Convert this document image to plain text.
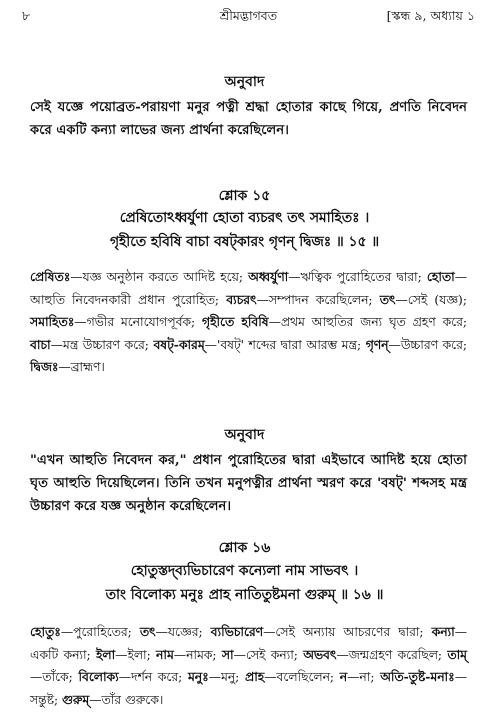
৮	শ্রীমদ্ভাগবত	[স্কন্ধ ৯, অধ্যায় ১
অনুবাদ

সেই যজ্ঞে পয়োব্রত-পরায়ণা মনুর পত্নী শ্রদ্ধা হোতার কাছে গিয়ে, প্রণতি নিবেদন করে একটি কন্যা লাভের জন্য প্রার্থনা করেছিলেন।

শ্লোক ১৫
প্রেষিতোঽধ্বর্যুণা হোতা ব্যচরৎ তৎ সমাহিতঃ ।
গৃহীতে হবিষি বাচা বষট্‌কারং গৃণন্ দ্বিজঃ ॥ ১৫ ॥

প্রেষিতঃ—যজ্ঞ অনুষ্ঠান করতে আদিষ্ট হয়ে; অধ্বর্যুণা—ঋত্বিক পুরোহিতের দ্বারা; হোতা—আহুতি নিবেদনকারী প্রধান পুরোহিত; ব্যচরৎ—সম্পাদন করেছিলেন; তৎ—সেই (যজ্ঞ); সমাহিতঃ—গভীর মনোযোগপূর্বক; গৃহীতে হবিষি—প্রথম আহুতির জন্য ঘৃত গ্রহণ করে; বাচা—মন্ত্র উচ্চারণ করে; বষট্‌-কারম্—'বষট্' শব্দের দ্বারা আরম্ভ মন্ত্র; গৃণন্—উচ্চারণ করে; দ্বিজঃ—ব্রাহ্মণ।

অনুবাদ

"এখন আহুতি নিবেদন কর," প্রধান পুরোহিতের দ্বারা এইভাবে আদিষ্ট হয়ে হোতা ঘৃত আহুতি দিয়েছিলেন। তিনি তখন মনুপত্নীর প্রার্থনা স্মরণ করে 'বষট্' শব্দসহ মন্ত্র উচ্চারণ করে যজ্ঞ অনুষ্ঠান করেছিলেন।

শ্লোক ১৬
হোতুস্তদ্‌ব্যভিচারেণ কন্যেলা নাম সাভবৎ ।
তাং বিলোক্য মনুঃ প্রাহ নাতিতুষ্টমনা গুরুম্ ॥ ১৬ ॥

হোতুঃ—পুরোহিতের; তৎ—যজ্ঞের; ব্যভিচারেণ—সেই অন্যায় আচরণের দ্বারা; কন্যা—একটি কন্যা; ইলা—ইলা; নাম—নামক; সা—সেই কন্যা; অভবৎ—জন্মগ্রহণ করেছিল; তাম্—তাঁকে; বিলোক্য—দর্শন করে; মনুঃ—মনু; প্রাহ—বলেছিলেন; ন—না; অতি-তুষ্ট-মনাঃ—সন্তুষ্ট; গুরুম্—তাঁর গুরুকে।
